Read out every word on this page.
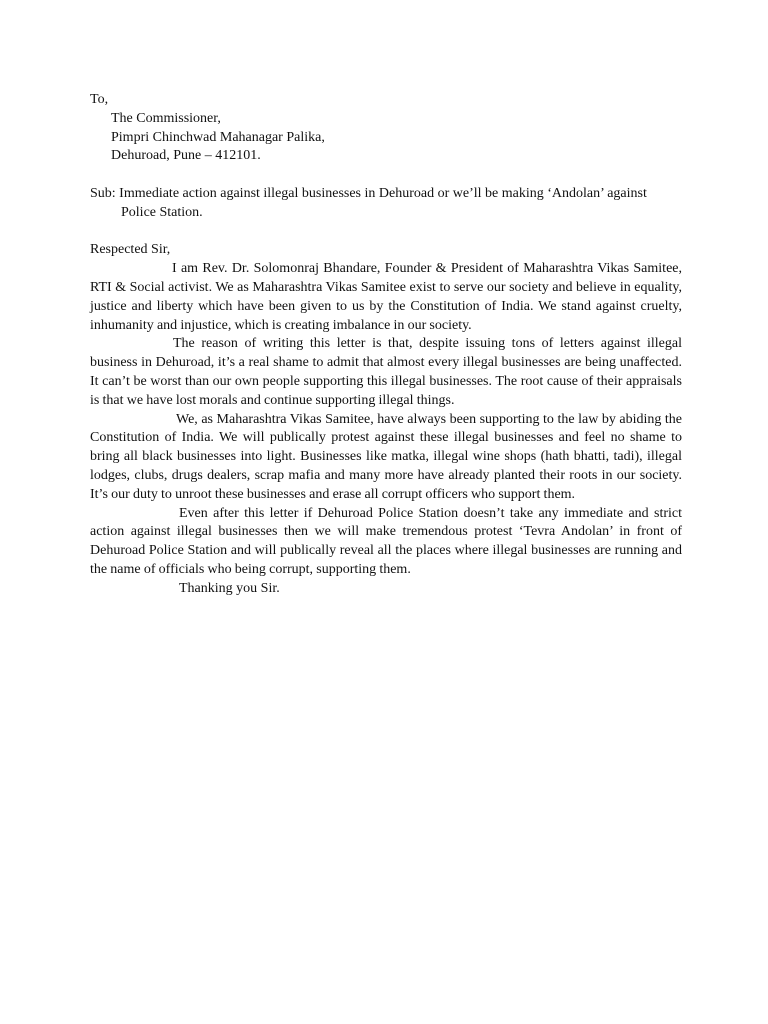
To,
The Commissioner,
Pimpri Chinchwad Mahanagar Palika,
Dehuroad, Pune – 412101.
Sub: Immediate action against illegal businesses in Dehuroad or we’ll be making ‘Andolan’ against
Police Station.
Respected Sir,
I am Rev. Dr. Solomonraj Bhandare, Founder & President of Maharashtra Vikas Samitee, RTI & Social activist. We as Maharashtra Vikas Samitee exist to serve our society and believe in equality, justice and liberty which have been given to us by the Constitution of India. We stand against cruelty, inhumanity and injustice, which is creating imbalance in our society.
The reason of writing this letter is that, despite issuing tons of letters against illegal business in Dehuroad, it’s a real shame to admit that almost every illegal businesses are being unaffected. It can’t be worst than our own people supporting this illegal businesses. The root cause of their appraisals is that we have lost morals and continue supporting illegal things.
We, as Maharashtra Vikas Samitee, have always been supporting to the law by abiding the Constitution of India. We will publically protest against these illegal businesses and feel no shame to bring all black businesses into light. Businesses like matka, illegal wine shops (hath bhatti, tadi), illegal lodges, clubs, drugs dealers, scrap mafia and many more have already planted their roots in our society. It’s our duty to unroot these businesses and erase all corrupt officers who support them.
Even after this letter if Dehuroad Police Station doesn’t take any immediate and strict action against illegal businesses then we will make tremendous protest ‘Tevra Andolan’ in front of Dehuroad Police Station and will publically reveal all the places where illegal businesses are running and the name of officials who being corrupt, supporting them.
Thanking you Sir.
